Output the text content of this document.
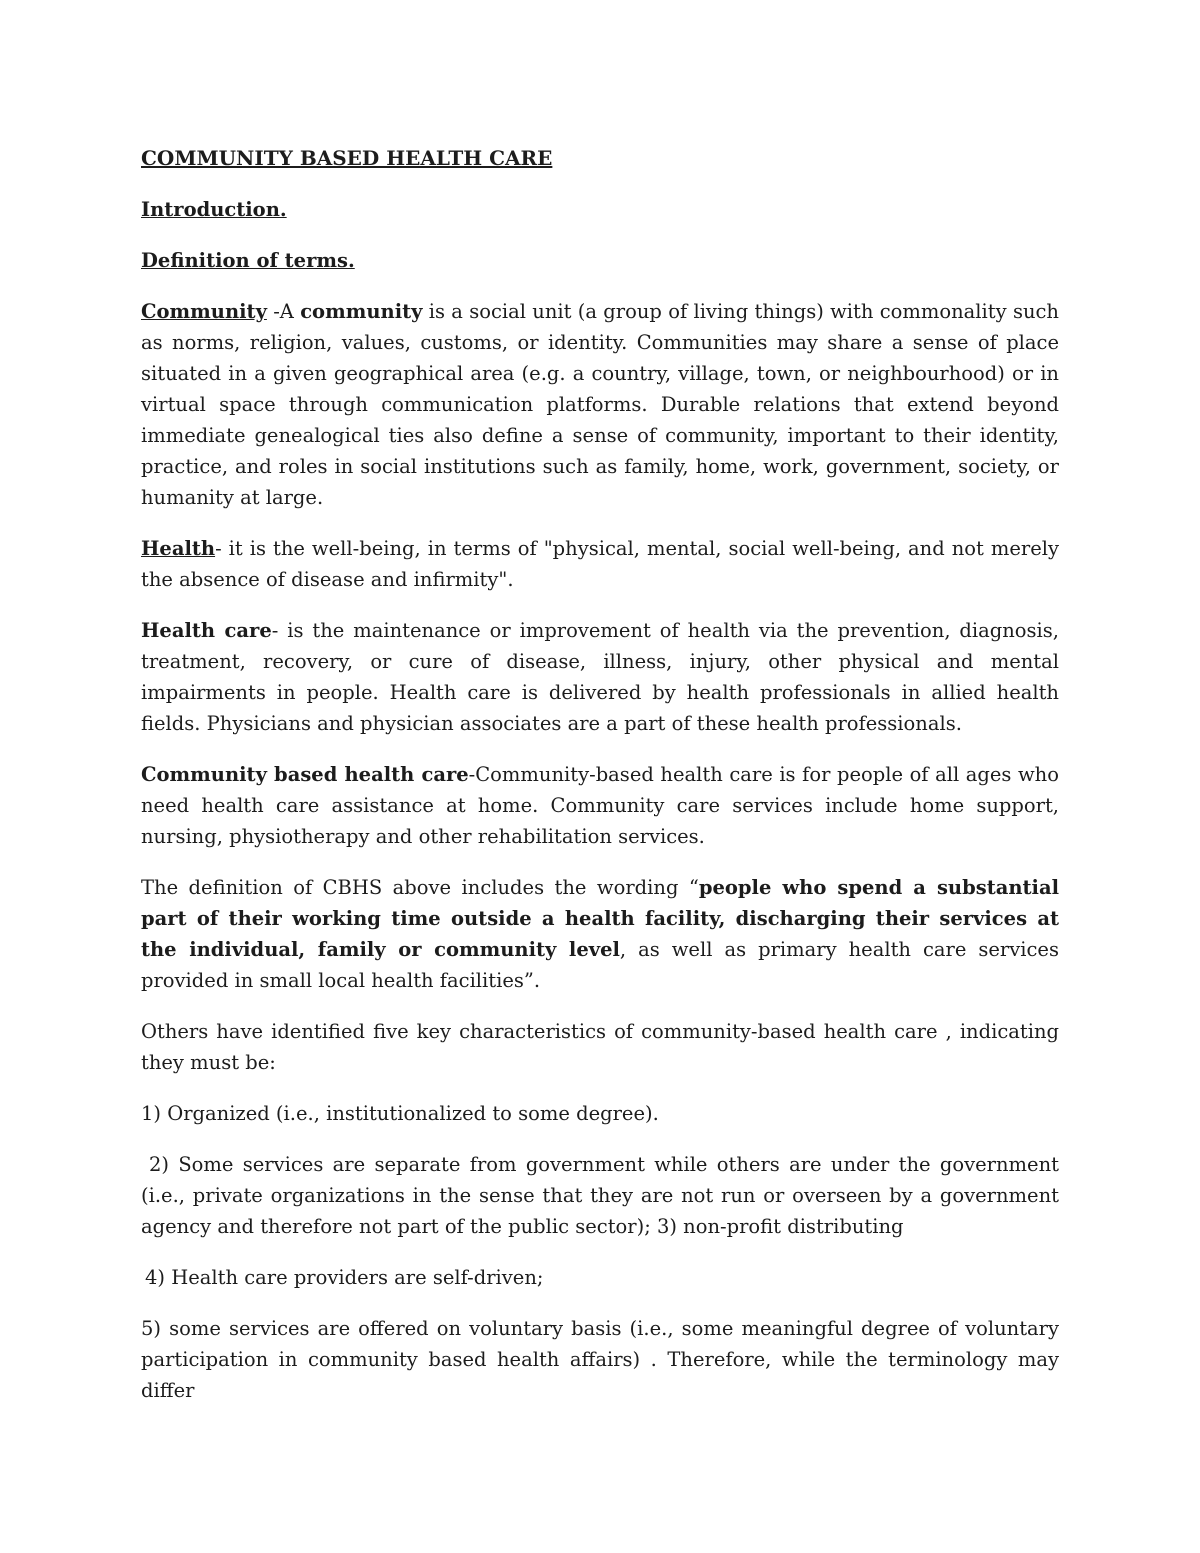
COMMUNITY BASED HEALTH CARE
Introduction.
Definition of terms.

Community -A community is a social unit (a group of living things) with commonality such as norms, religion, values, customs, or identity. Communities may share a sense of place situated in a given geographical area (e.g. a country, village, town, or neighbourhood) or in virtual space through communication platforms. Durable relations that extend beyond immediate genealogical ties also define a sense of community, important to their identity, practice, and roles in social institutions such as family, home, work, government, society, or humanity at large.

Health- it is the well-being, in terms of "physical, mental, social well-being, and not merely the absence of disease and infirmity".

Health care- is the maintenance or improvement of health via the prevention, diagnosis, treatment, recovery, or cure of disease, illness, injury, other physical and mental impairments in people. Health care is delivered by health professionals in allied health fields. Physicians and physician associates are a part of these health professionals.

Community based health care-Community-based health care is for people of all ages who need health care assistance at home. Community care services include home support, nursing, physiotherapy and other rehabilitation services.

The definition of CBHS above includes the wording “people who spend a substantial part of their working time outside a health facility, discharging their services at the individual, family or community level, as well as primary health care services provided in small local health facilities”.

Others have identified five key characteristics of community-based health care , indicating they must be:

1) Organized (i.e., institutionalized to some degree).

2) Some services are separate from government while others are under the government (i.e., private organizations in the sense that they are not run or overseen by a government agency and therefore not part of the public sector); 3) non-profit distributing

4) Health care providers are self-driven;

5) some services are offered on voluntary basis (i.e., some meaningful degree of voluntary participation in community based health affairs) . Therefore, while the terminology may differ
